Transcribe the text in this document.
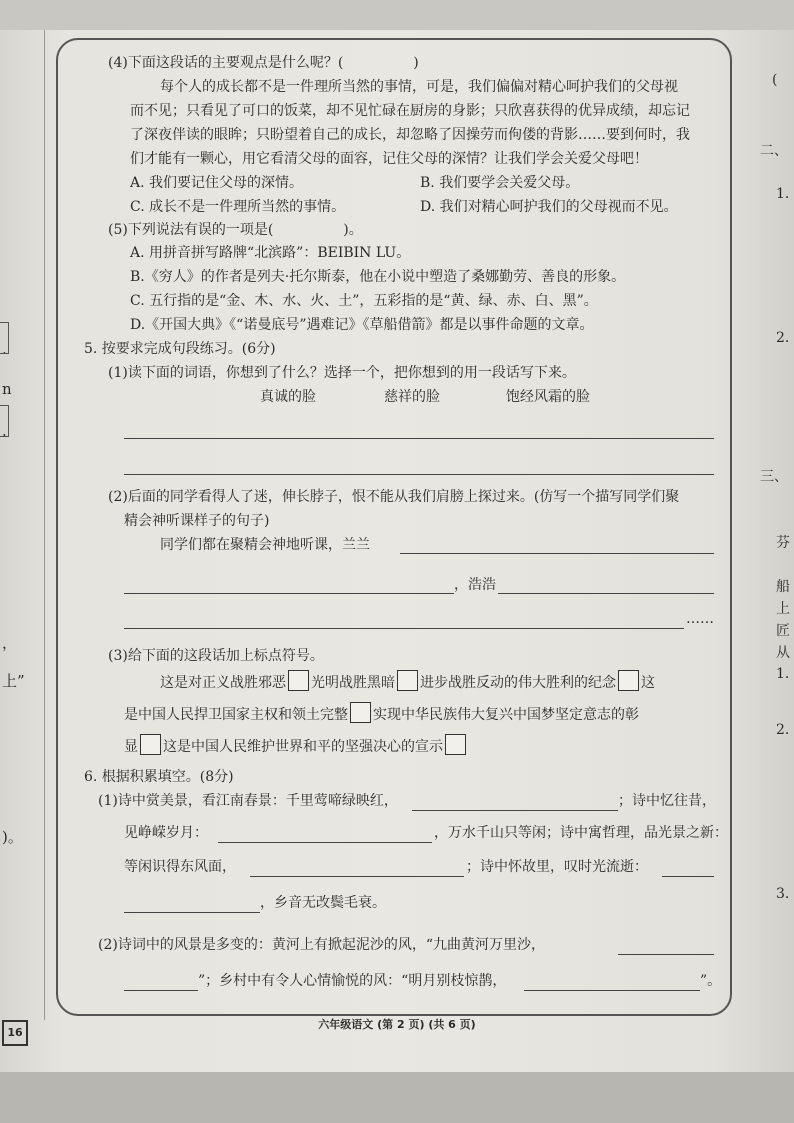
.
n
.
，
上”
)。
(
二、
1.
2.
三、
芬
船
上
匠
从
1.
2.
3.
(4)下面这段话的主要观点是什么呢？(　　　　　)
每个人的成长都不是一件理所当然的事情，可是，我们偏偏对精心呵护我们的父母视
而不见；只看见了可口的饭菜，却不见忙碌在厨房的身影；只欣喜获得的优异成绩，却忘记
了深夜伴读的眼眸；只盼望着自己的成长，却忽略了因操劳而佝偻的背影……要到何时，我
们才能有一颗心，用它看清父母的面容，记住父母的深情？让我们学会关爱父母吧！
A. 我们要记住父母的深情。	B. 我们要学会关爱父母。
C. 成长不是一件理所当然的事情。	D. 我们对精心呵护我们的父母视而不见。
(5)下列说法有误的一项是(　　　　　)。
A. 用拼音拼写路牌“北滨路”：BEIBIN LU。
B.《穷人》的作者是列夫·托尔斯泰，他在小说中塑造了桑娜勤劳、善良的形象。
C. 五行指的是“金、木、水、火、土”，五彩指的是“黄、绿、赤、白、黑”。
D.《开国大典》《“诺曼底号”遇难记》《草船借箭》都是以事件命题的文章。
5. 按要求完成句段练习。(6分)
(1)读下面的词语，你想到了什么？选择一个，把你想到的用一段话写下来。
真诚的脸	慈祥的脸	饱经风霜的脸
(2)后面的同学看得人了迷，伸长脖子，恨不能从我们肩膀上探过来。(仿写一个描写同学们聚
精会神听课样子的句子)
同学们都在聚精会神地听课，兰兰
，浩浩
……
(3)给下面的这段话加上标点符号。
这是对正义战胜邪恶 光明战胜黑暗 进步战胜反动的伟大胜利的纪念 这
是中国人民捍卫国家主权和领土完整 实现中华民族伟大复兴中国梦坚定意志的彰
显 这是中国人民维护世界和平的坚强决心的宣示
6. 根据积累填空。(8分)
(1)诗中赏美景，看江南春景：千里莺啼绿映红，	；诗中忆往昔，
见峥嵘岁月：	，万水千山只等闲；诗中寓哲理，品光景之新：
等闲识得东风面，	；诗中怀故里，叹时光流逝：
，乡音无改鬓毛衰。
(2)诗词中的风景是多变的：黄河上有掀起泥沙的风，“九曲黄河万里沙，
”；乡村中有令人心情愉悦的风：“明月别枝惊鹊，	”。
六年级语文 (第 2 页) (共 6 页)
16
